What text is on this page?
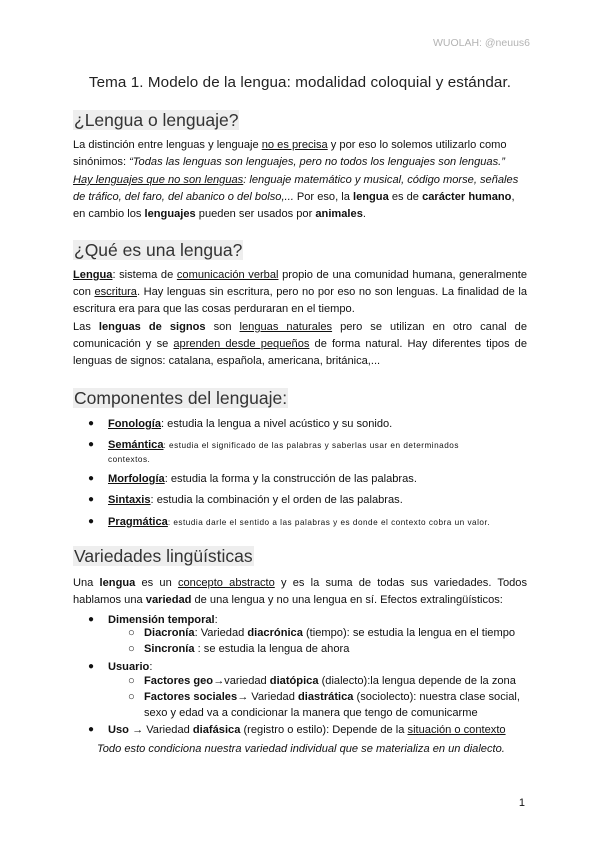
WUOLAH: @neuus6
Tema 1. Modelo de la lengua: modalidad coloquial y estándar.
¿Lengua o lenguaje?
La distinción entre lenguas y lenguaje no es precisa y por eso lo solemos utilizarlo como sinónimos: “Todas las lenguas son lenguajes, pero no todos los lenguajes son lenguas.”
Hay lenguajes que no son lenguas: lenguaje matemático y musical, código morse, señales de tráfico, del faro, del abanico o del bolso,... Por eso, la lengua es de carácter humano, en cambio los lenguajes pueden ser usados por animales.
¿Qué es una lengua?
Lengua: sistema de comunicación verbal propio de una comunidad humana, generalmente con escritura. Hay lenguas sin escritura, pero no por eso no son lenguas. La finalidad de la escritura era para que las cosas perduraran en el tiempo.
Las lenguas de signos son lenguas naturales pero se utilizan en otro canal de comunicación y se aprenden desde pequeños de forma natural. Hay diferentes tipos de lenguas de signos: catalana, española, americana, británica,...
Componentes del lenguaje:
● Fonología: estudia la lengua a nivel acústico y su sonido.
● Semántica: estudia el significado de las palabras y saberlas usar en determinados
contextos.
● Morfología: estudia la forma y la construcción de las palabras.
● Sintaxis: estudia la combinación y el orden de las palabras.
● Pragmática: estudia darle el sentido a las palabras y es donde el contexto cobra un valor.
Variedades lingüísticas
Una lengua es un concepto abstracto y es la suma de todas sus variedades. Todos hablamos una variedad de una lengua y no una lengua en sí. Efectos extralingüísticos:
● Dimensión temporal:
○ Diacronía: Variedad diacrónica (tiempo): se estudia la lengua en el tiempo
○ Sincronía : se estudia la lengua de ahora
● Usuario:
○ Factores geo→variedad diatópica (dialecto):la lengua depende de la zona
○ Factores sociales→ Variedad diastrática (sociolecto): nuestra clase social,
sexo y edad va a condicionar la manera que tengo de comunicarme
● Uso → Variedad diafásica (registro o estilo): Depende de la situación o contexto
Todo esto condiciona nuestra variedad individual que se materializa en un dialecto.
1
